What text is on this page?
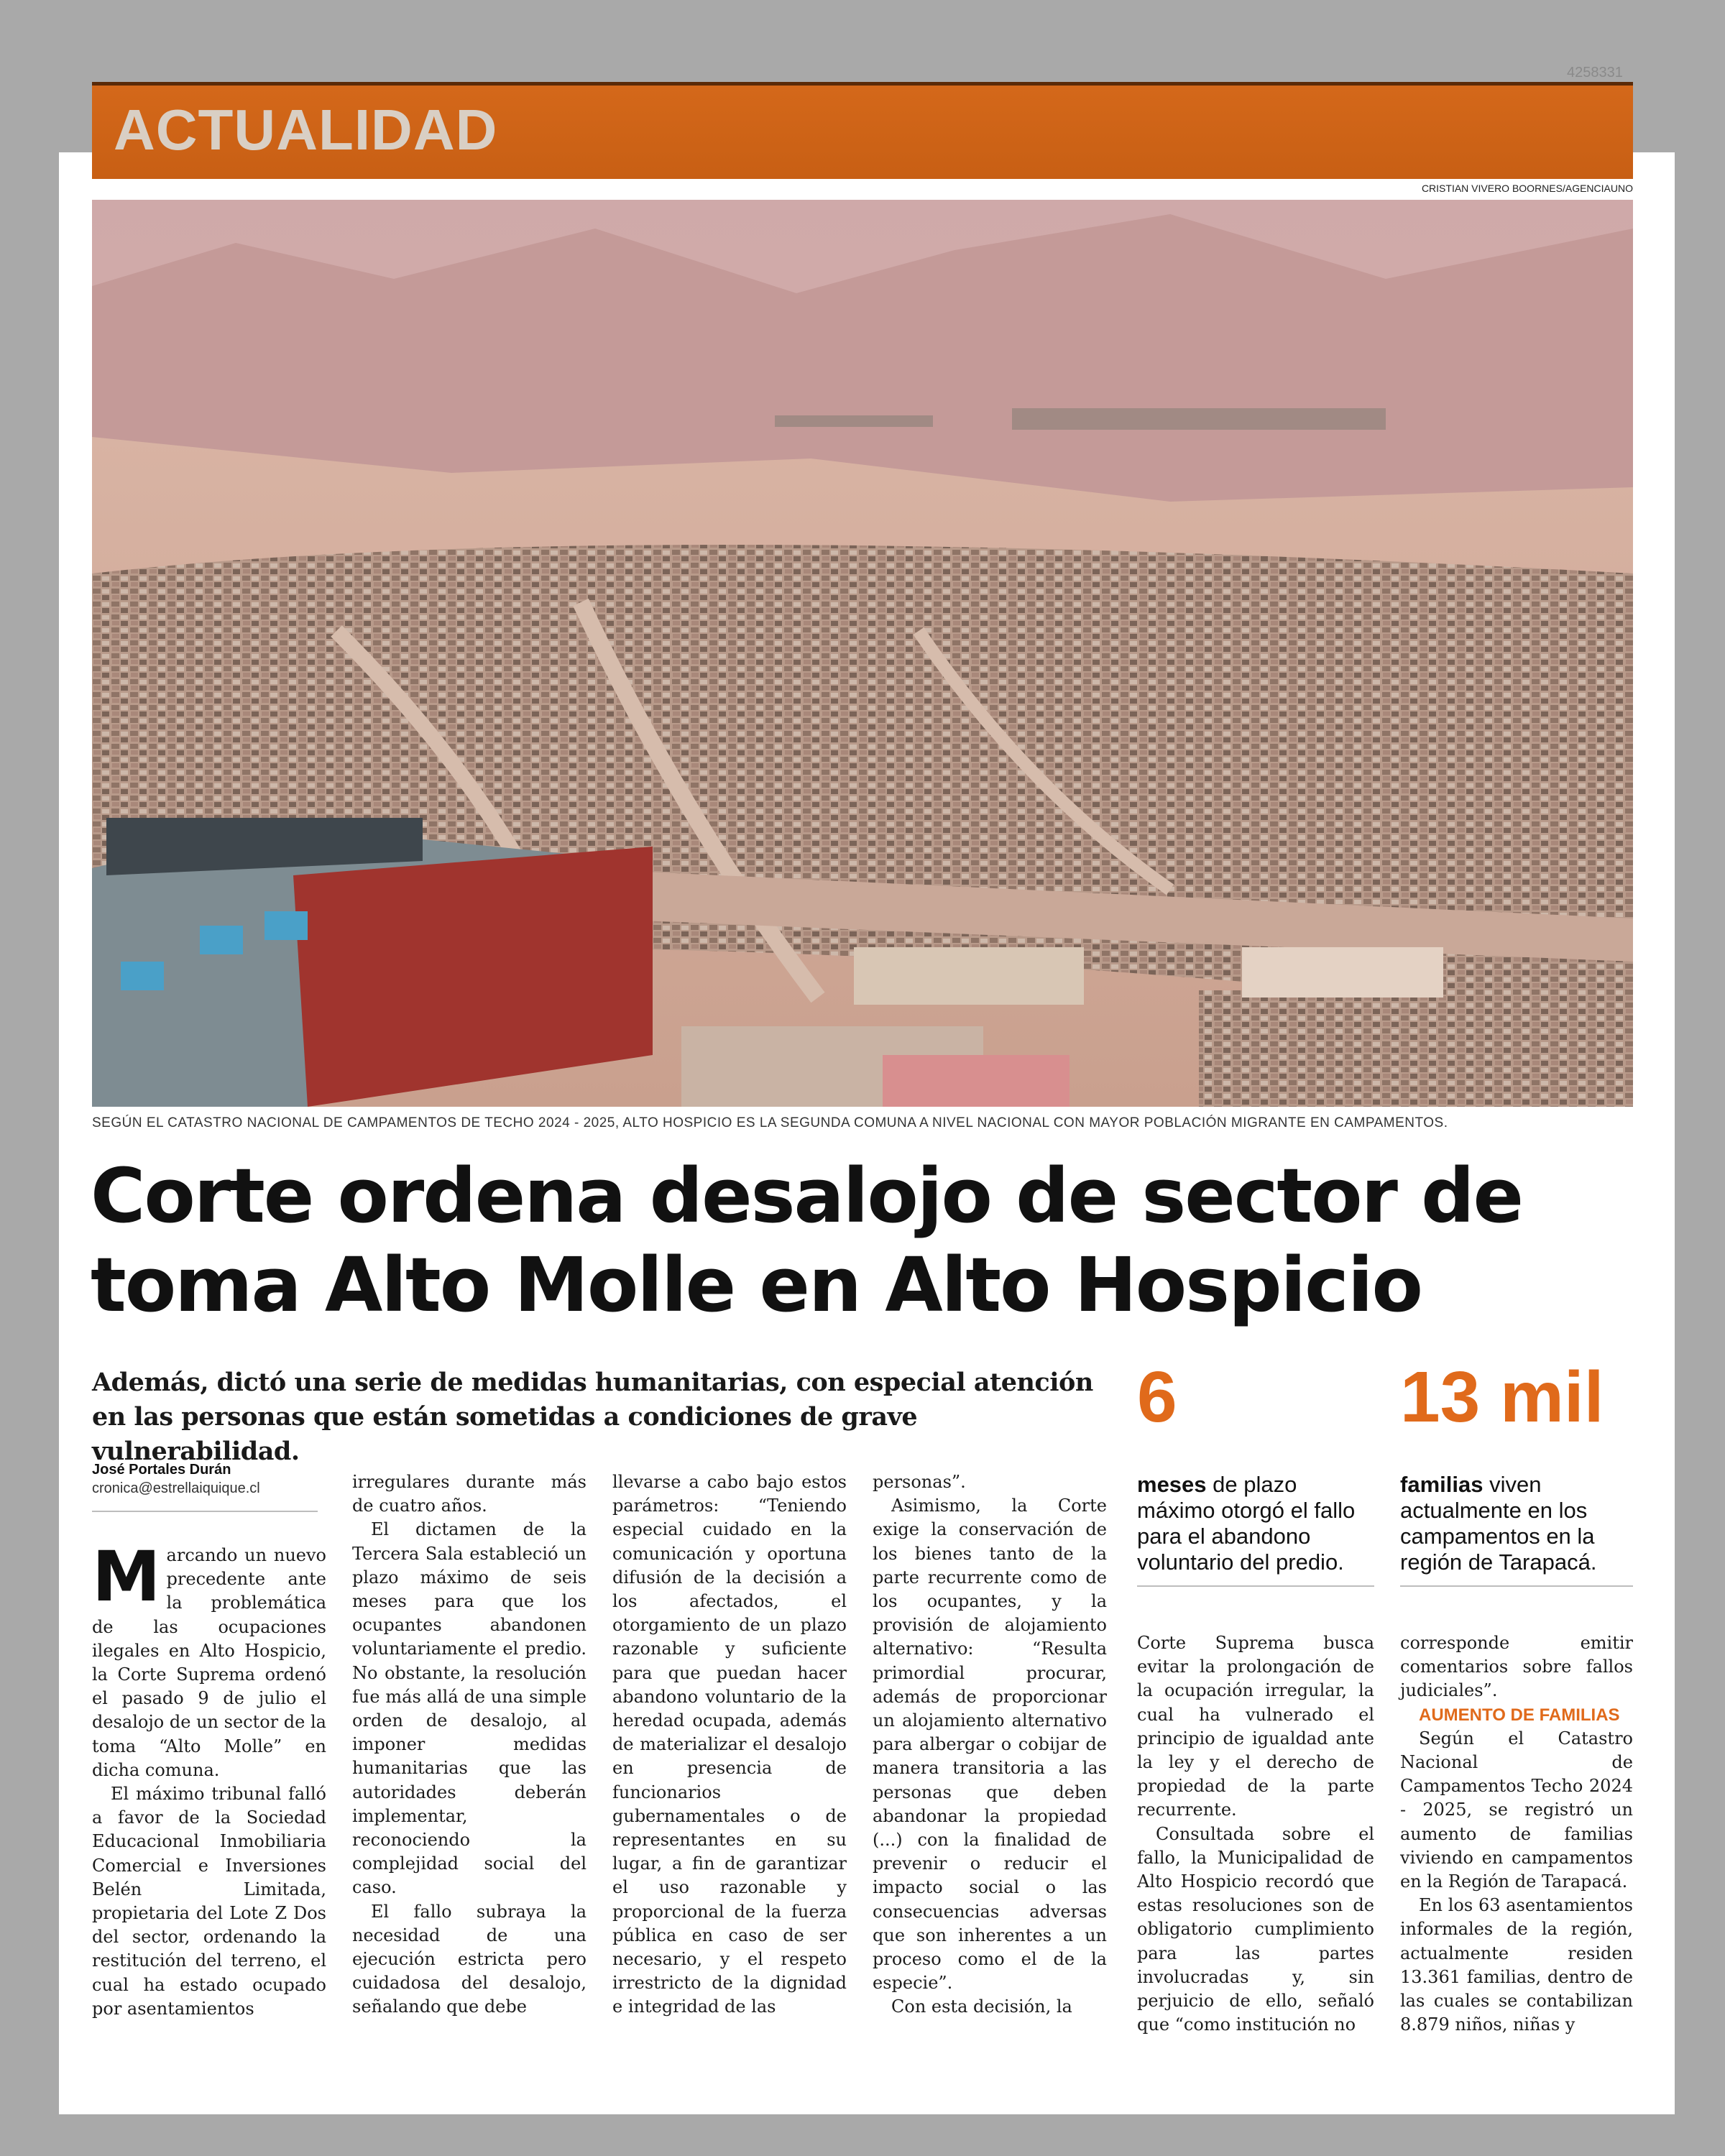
4258331
ACTUALIDAD
CRISTIAN VIVERO BOORNES/AGENCIAUNO
SEGÚN EL CATASTRO NACIONAL DE CAMPAMENTOS DE TECHO 2024 - 2025, ALTO HOSPICIO ES LA SEGUNDA COMUNA A NIVEL NACIONAL CON MAYOR POBLACIÓN MIGRANTE EN CAMPAMENTOS.
Corte ordena desalojo de sector de toma Alto Molle en Alto Hospicio
Además, dictó una serie de medidas humanitarias, con especial atención en las personas que están sometidas a condiciones de grave vulnerabilidad.
6	13 mil
meses de plazo máximo otorgó el fallo para el abandono voluntario del predio.
familias viven actualmente en los campamentos en la región de Tarapacá.
José Portales Durán
cronica@estrellaiquique.cl

Marcando un nuevo precedente ante la problemática de las ocupaciones ilegales en Alto Hospicio, la Corte Suprema ordenó el pasado 9 de julio el desalojo de un sector de la toma “Alto Molle” en dicha comuna.

El máximo tribunal falló a favor de la Sociedad Educacional Inmobiliaria Comercial e Inversiones Belén Limitada, propietaria del Lote Z Dos del sector, ordenando la restitución del terreno, el cual ha estado ocupado por asentamientos

irregulares durante más de cuatro años.

El dictamen de la Tercera Sala estableció un plazo máximo de seis meses para que los ocupantes abandonen voluntariamente el predio. No obstante, la resolución fue más allá de una simple orden de desalojo, al imponer medidas humanitarias que las autoridades deberán implementar, reconociendo la complejidad social del caso.

El fallo subraya la necesidad de una ejecución estricta pero cuidadosa del desalojo, señalando que debe

llevarse a cabo bajo estos parámetros: “Teniendo especial cuidado en la comunicación y oportuna difusión de la decisión a los afectados, el otorgamiento de un plazo razonable y suficiente para que puedan hacer abandono voluntario de la heredad ocupada, además de materializar el desalojo en presencia de funcionarios gubernamentales o de representantes en su lugar, a fin de garantizar el uso razonable y proporcional de la fuerza pública en caso de ser necesario, y el respeto irrestricto de la dignidad e integridad de las

personas”.

Asimismo, la Corte exige la conservación de los bienes tanto de la parte recurrente como de los ocupantes, y la provisión de alojamiento alternativo: “Resulta primordial procurar, además de proporcionar un alojamiento alternativo para albergar o cobijar de manera transitoria a las personas que deben abandonar la propiedad (...) con la finalidad de prevenir o reducir el impacto social o las consecuencias adversas que son inherentes a un proceso como el de la especie”.

Con esta decisión, la

Corte Suprema busca evitar la prolongación de la ocupación irregular, la cual ha vulnerado el principio de igualdad ante la ley y el derecho de propiedad de la parte recurrente.

Consultada sobre el fallo, la Municipalidad de Alto Hospicio recordó que estas resoluciones son de obligatorio cumplimiento para las partes involucradas y, sin perjuicio de ello, señaló que “como institución no

corresponde emitir comentarios sobre fallos judiciales”.

AUMENTO DE FAMILIAS

Según el Catastro Nacional de Campamentos Techo 2024 - 2025, se registró un aumento de familias viviendo en campamentos en la Región de Tarapacá.

En los 63 asentamientos informales de la región, actualmente residen 13.361 familias, dentro de las cuales se contabilizan 8.879 niños, niñas y
